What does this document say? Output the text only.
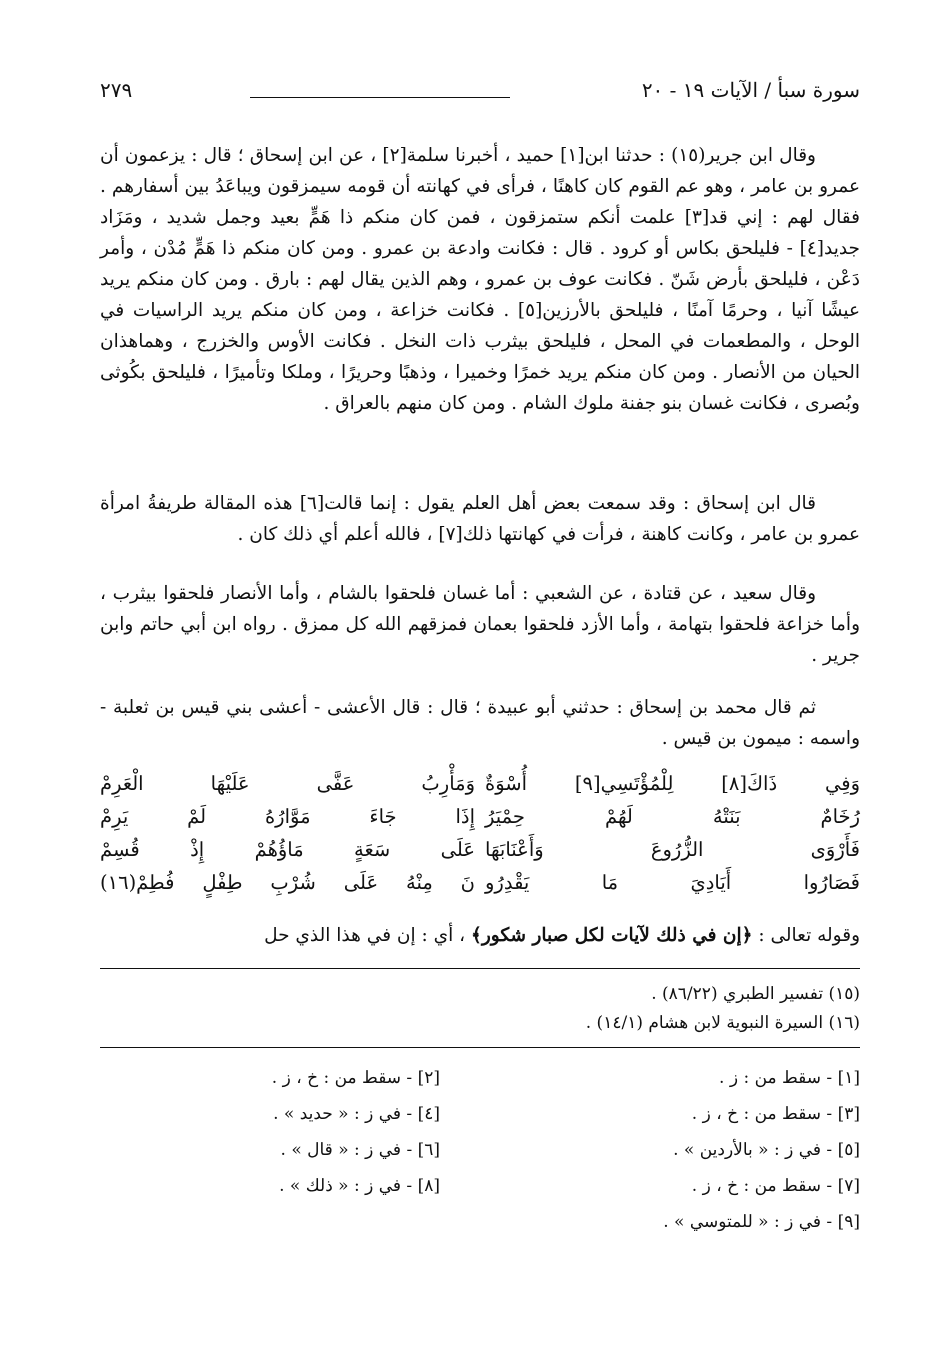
سورة سبأ / الآيات ١٩ - ٢٠
٢٧٩
وقال ابن جرير(١٥) : حدثنا ابن[١] حميد ، أخبرنا سلمة[٢] ، عن ابن إسحاق ؛ قال : يزعمون أن عمرو بن عامر ، وهو عم القوم كان كاهنًا ، فرأى في كهانته أن قومه سيمزقون ويباعَدُ بين أسفارهم . فقال لهم : إني قد[٣] علمت أنكم ستمزقون ، فمن كان منكم ذا هَمٍّ بعيد وجمل شديد ، ومَزَاد جديد[٤] - فليلحق بكاس أو كرود . قال : فكانت وادعة بن عمرو . ومن كان منكم ذا هَمٍّ مُدْن ، وأمر دَعْن ، فليلحق بأرض شَنّ . فكانت عوف بن عمرو ، وهم الذين يقال لهم : بارق . ومن كان منكم يريد عيشًا آنيا ، وحرمًا آمنًا ، فليلحق بالأرزين[٥] . فكانت خزاعة ، ومن كان منكم يريد الراسيات في الوحل ، والمطعمات في المحل ، فليلحق بيثرب ذات النخل . فكانت الأوس والخزرج ، وهماهذان الحيان من الأنصار . ومن كان منكم يريد خمرًا وخميرا ، وذهبًا وحريرًا ، وملكا وتأميرًا ، فليلحق بكُوثى وبُصرى ، فكانت غسان بنو جفنة ملوك الشام . ومن كان منهم بالعراق .
قال ابن إسحاق : وقد سمعت بعض أهل العلم يقول : إنما قالت[٦] هذه المقالة طريفةُ امرأة عمرو بن عامر ، وكانت كاهنة ، فرأت في كهانتها ذلك[٧] ، فالله أعلم أي ذلك كان .
وقال سعيد ، عن قتادة ، عن الشعبي : أما غسان فلحقوا بالشام ، وأما الأنصار فلحقوا بيثرب ، وأما خزاعة فلحقوا بتهامة ، وأما الأزد فلحقوا بعمان فمزقهم الله كل ممزق . رواه ابن أبي حاتم وابن جرير .
ثم قال محمد بن إسحاق : حدثني أبو عبيدة ؛ قال : قال الأعشى - أعشى بني قيس بن ثعلبة - واسمه : ميمون بن قيس .
وَفِي ذَاكَ[٨] لِلْمُؤْتَسِي[٩] أُسْوَةٌ
وَمَأْرِبُ عَفَّى عَلَيْهَا الْعَرِمْ
رُخَامٌ بَنَتْهُ لَهُمْ حِمْيَرُ
إِذَا جَاءَ مَوَّارُهُ لَمْ يَرِمْ
فَأَرْوَى الزُّرُوعَ وَأَعْنَابَهَا
عَلَى سَعَةٍ مَاؤُهُمْ إِذْ قُسِمْ
فَصَارُوا أَيَادِيَ مَا يَقْدِرُو
نَ مِنْهُ عَلَى شُرْبِ طِفْلٍ فُطِمْ(١٦)
وقوله تعالى : ﴿إن في ذلك لآيات لكل صبار شكور﴾ ، أي : إن في هذا الذي حل
(١٥) تفسير الطبري (٨٦/٢٢) .
(١٦) السيرة النبوية لابن هشام (١٤/١) .
[١] - سقط من : ز .
[٢] - سقط من : خ ، ز .
[٣] - سقط من : خ ، ز .
[٤] - في ز : « حديد » .
[٥] - في ز : « بالأردين » .
[٦] - في ز : « قال » .
[٧] - سقط من : خ ، ز .
[٨] - في ز : « ذلك » .
[٩] - في ز : « للمتوسي » .
